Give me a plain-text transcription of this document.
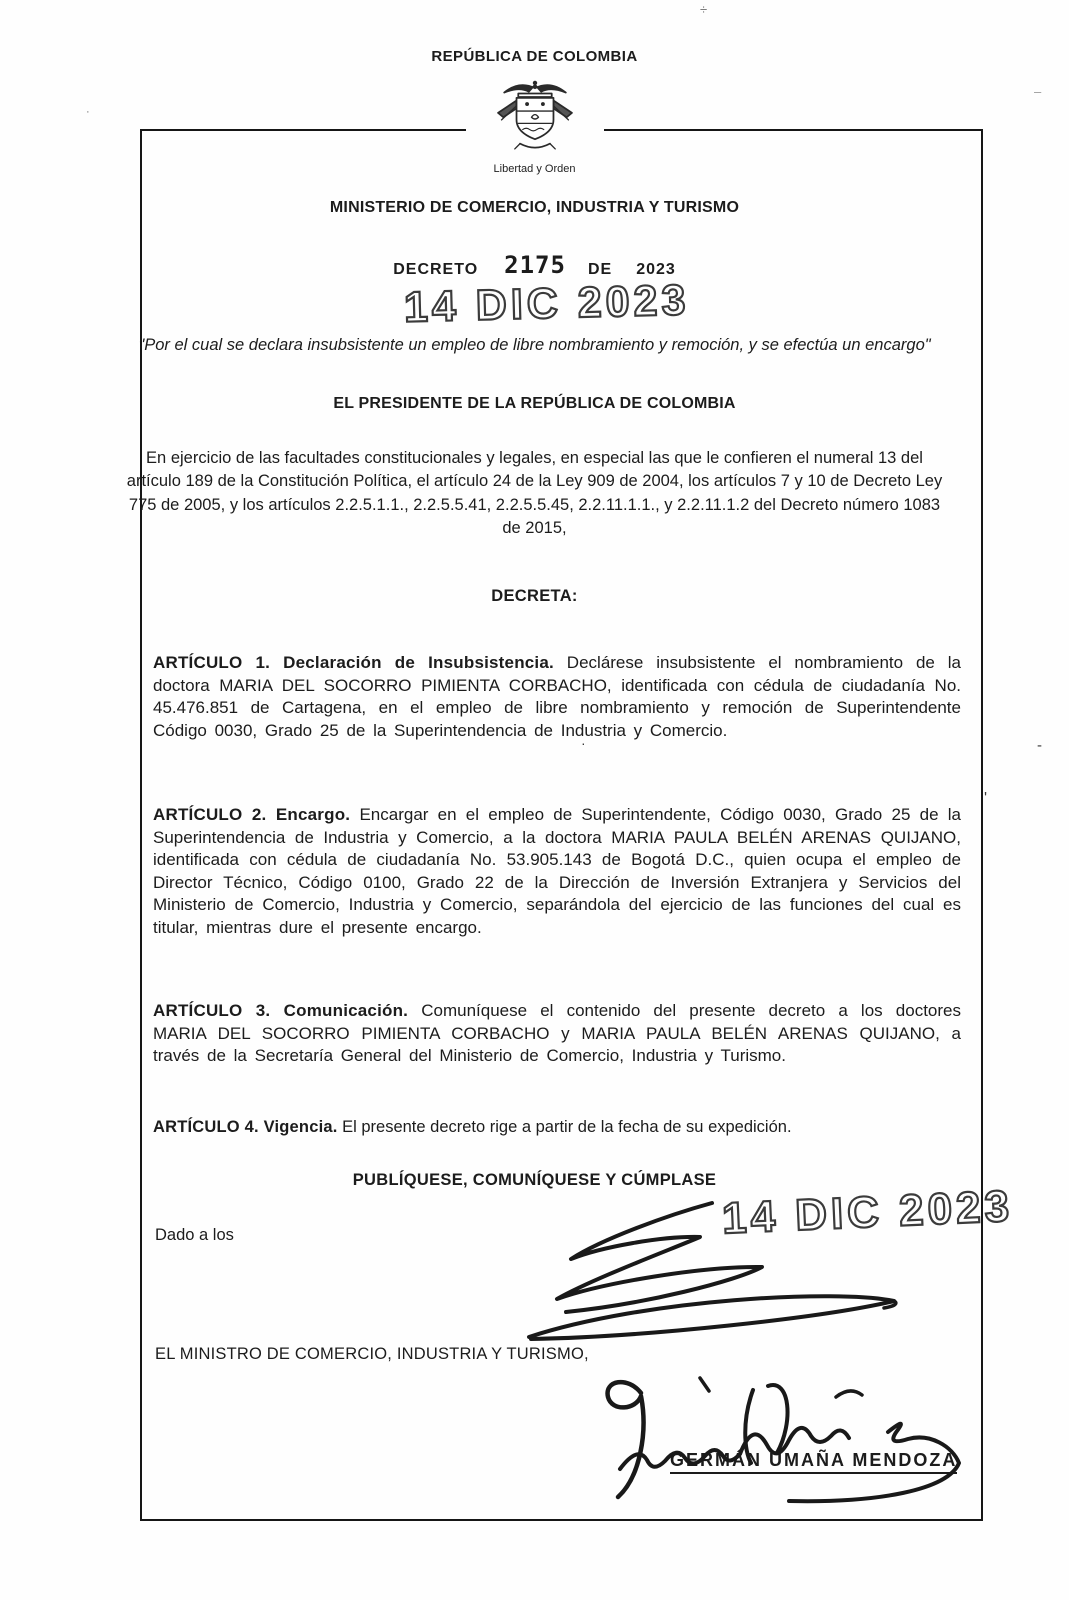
REPÚBLICA DE COLOMBIA
Libertad y Orden
MINISTERIO DE COMERCIO, INDUSTRIA Y TURISMO
DECRETO 2175 DE 2023
14 DIC 2023
"Por el cual se declara insubsistente un empleo de libre nombramiento y remoción, y se efectúa un encargo"
EL PRESIDENTE DE LA REPÚBLICA DE COLOMBIA
En ejercicio de las facultades constitucionales y legales, en especial las que le confieren el numeral 13 del artículo 189 de la Constitución Política, el artículo 24 de la Ley 909 de 2004, los artículos 7 y 10 de Decreto Ley 775 de 2005, y los artículos 2.2.5.1.1., 2.2.5.5.41, 2.2.5.5.45, 2.2.11.1.1., y 2.2.11.1.2 del Decreto número 1083 de 2015,
DECRETA:

ARTÍCULO 1. Declaración de Insubsistencia. Declárese insubsistente el nombramiento de la doctora MARIA DEL SOCORRO PIMIENTA CORBACHO, identificada con cédula de ciudadanía No. 45.476.851 de Cartagena, en el empleo de libre nombramiento y remoción de Superintendente Código 0030, Grado 25 de la Superintendencia de Industria y Comercio.

ARTÍCULO 2. Encargo. Encargar en el empleo de Superintendente, Código 0030, Grado 25 de la Superintendencia de Industria y Comercio, a la doctora MARIA PAULA BELÉN ARENAS QUIJANO, identificada con cédula de ciudadanía No. 53.905.143 de Bogotá D.C., quien ocupa el empleo de Director Técnico, Código 0100, Grado 22 de la Dirección de Inversión Extranjera y Servicios del Ministerio de Comercio, Industria y Comercio, separándola del ejercicio de las funciones del cual es titular, mientras dure el presente encargo.

ARTÍCULO 3. Comunicación. Comuníquese el contenido del presente decreto a los doctores MARIA DEL SOCORRO PIMIENTA CORBACHO y MARIA PAULA BELÉN ARENAS QUIJANO, a través de la Secretaría General del Ministerio de Comercio, Industria y Turismo.

ARTÍCULO 4. Vigencia. El presente decreto rige a partir de la fecha de su expedición.

PUBLÍQUESE, COMUNÍQUESE Y CÚMPLASE
Dado a los	14 DIC 2023
EL MINISTRO DE COMERCIO, INDUSTRIA Y TURISMO,
GERMÁN UMAÑA MENDOZA
÷
·
–
-
'
·
